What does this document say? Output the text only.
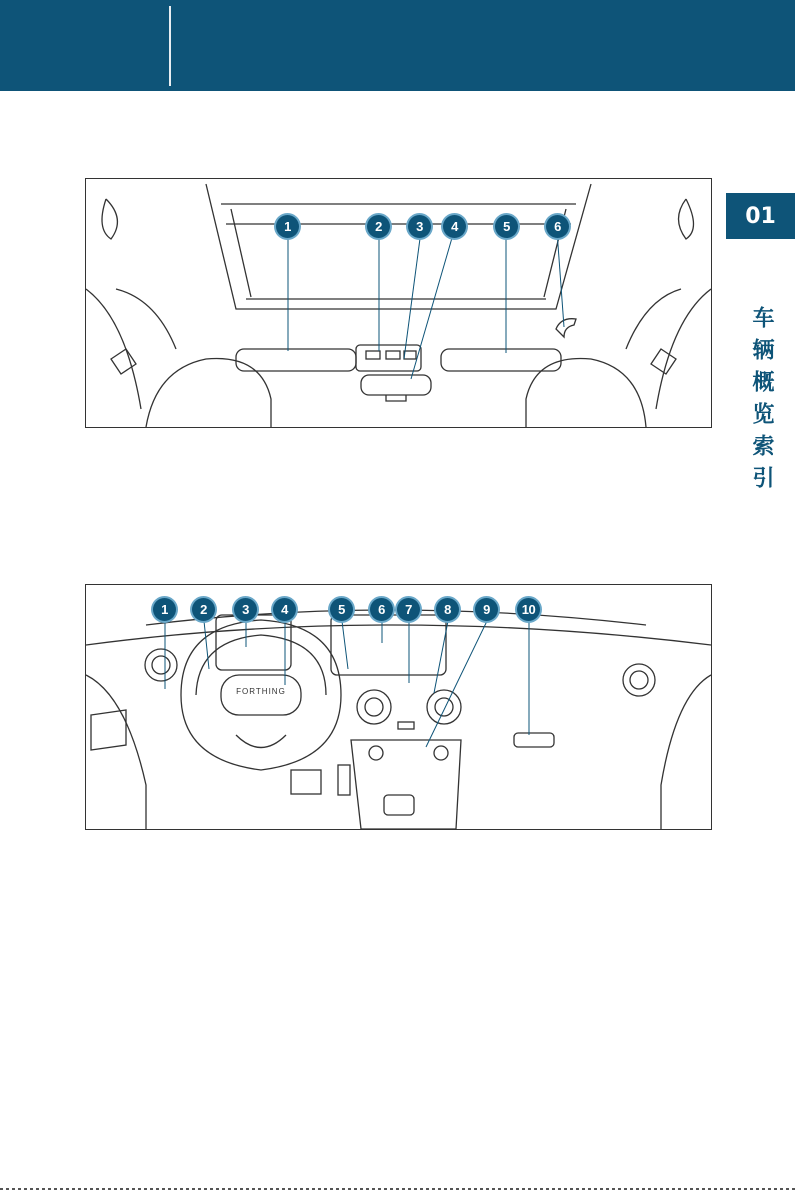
01
车辆概览索引
1	2	3	4	5	6
FORTHING
1	2	3	4	5	6	7	8	9	10
